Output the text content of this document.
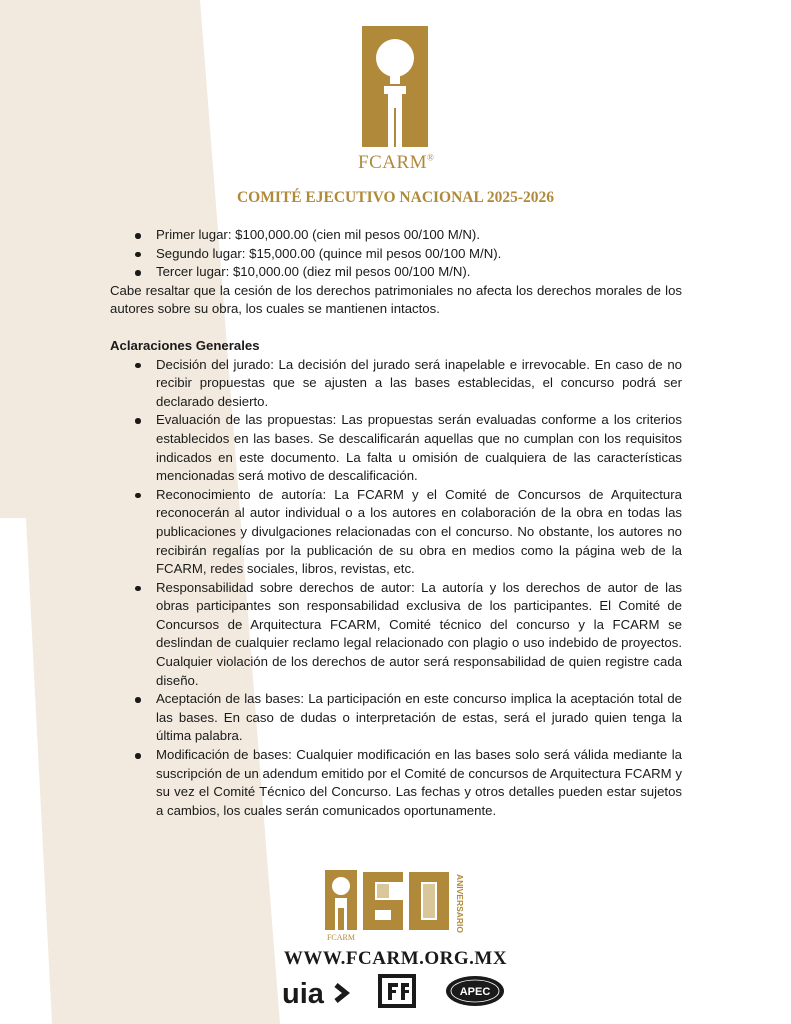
FCARM®
COMITÉ EJECUTIVO NACIONAL 2025-2026
Primer lugar: $100,000.00 (cien mil pesos 00/100 M/N).
Segundo lugar: $15,000.00 (quince mil pesos 00/100 M/N).
Tercer lugar: $10,000.00 (diez mil pesos 00/100 M/N).

Cabe resaltar que la cesión de los derechos patrimoniales no afecta los derechos morales de los autores sobre su obra, los cuales se mantienen intactos.

Aclaraciones Generales

Decisión del jurado: La decisión del jurado será inapelable e irrevocable. En caso de no recibir propuestas que se ajusten a las bases establecidas, el concurso podrá ser declarado desierto.
Evaluación de las propuestas: Las propuestas serán evaluadas conforme a los criterios establecidos en las bases. Se descalificarán aquellas que no cumplan con los requisitos indicados en este documento. La falta u omisión de cualquiera de las características mencionadas será motivo de descalificación.
Reconocimiento de autoría: La FCARM y el Comité de Concursos de Arquitectura reconocerán al autor individual o a los autores en colaboración de la obra en todas las publicaciones y divulgaciones relacionadas con el concurso. No obstante, los autores no recibirán regalías por la publicación de su obra en medios como la página web de la FCARM, redes sociales, libros, revistas, etc.
Responsabilidad sobre derechos de autor: La autoría y los derechos de autor de las obras participantes son responsabilidad exclusiva de los participantes. El Comité de Concursos de Arquitectura FCARM, Comité técnico del concurso y la FCARM se deslindan de cualquier reclamo legal relacionado con plagio o uso indebido de proyectos. Cualquier violación de los derechos de autor será responsabilidad de quien registre cada diseño.
Aceptación de las bases: La participación en este concurso implica la aceptación total de las bases. En caso de dudas o interpretación de estas, será el jurado quien tenga la última palabra.
Modificación de bases: Cualquier modificación en las bases solo será válida mediante la suscripción de un adendum emitido por el Comité de concursos de Arquitectura FCARM y su vez el Comité Técnico del Concurso. Las fechas y otros detalles pueden estar sujetos a cambios, los cuales serán comunicados oportunamente.
FCARM
ANIVERSARIO
WWW.FCARM.ORG.MX
uia	APEC
